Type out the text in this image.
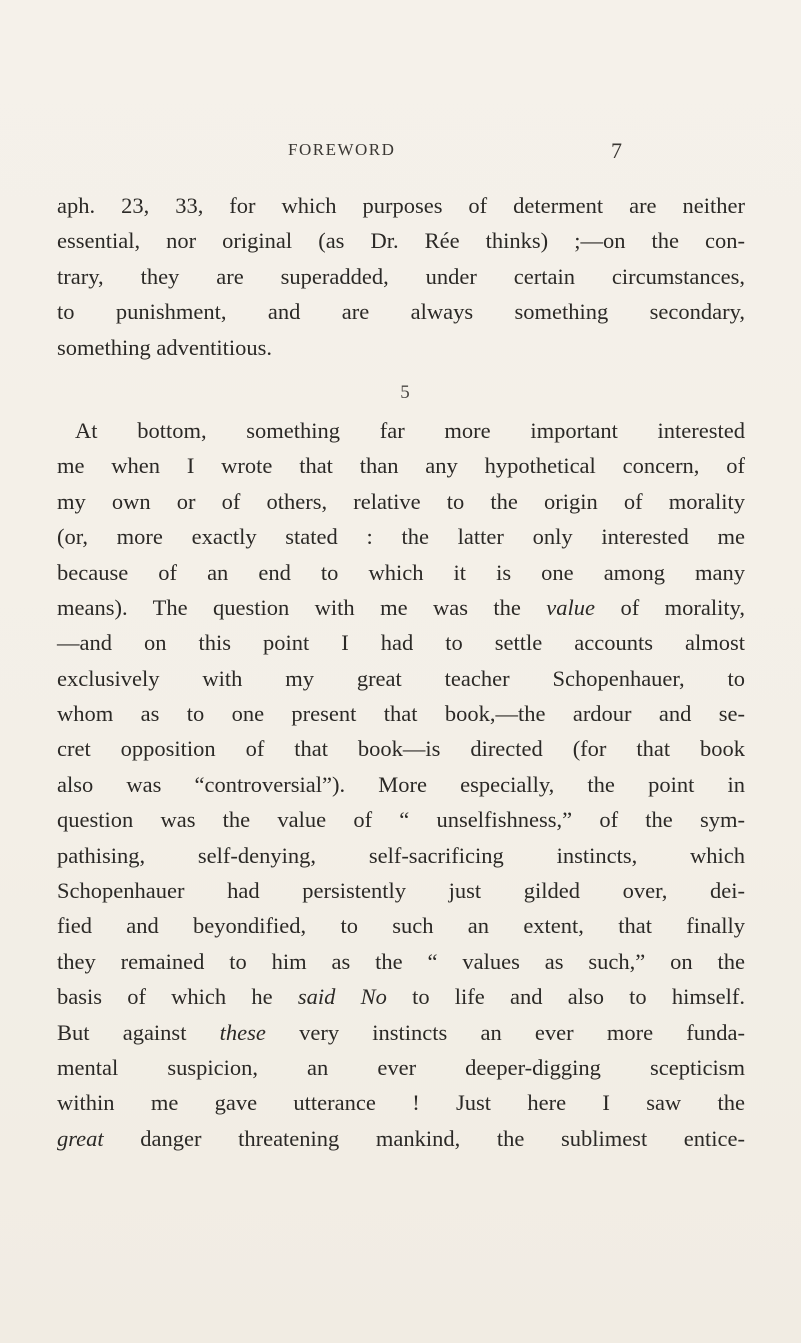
FOREWORD	7
aph. 23, 33, for which purposes of determent are neither
essential, nor original (as Dr. Rée thinks) ;—on the con-
trary, they are superadded, under certain circumstances,
to punishment, and are always something secondary,
something adventitious.
5
At bottom, something far more important interested
me when I wrote that than any hypothetical concern, of
my own or of others, relative to the origin of morality
(or, more exactly stated : the latter only interested me
because of an end to which it is one among many
means). The question with me was the value of morality,
—and on this point I had to settle accounts almost
exclusively with my great teacher Schopenhauer, to
whom as to one present that book,—the ardour and se-
cret opposition of that book—is directed (for that book
also was “controversial”). More especially, the point in
question was the value of “ unselfishness,” of the sym-
pathising, self-denying, self-sacrificing instincts, which
Schopenhauer had persistently just gilded over, dei-
fied and beyondified, to such an extent, that finally
they remained to him as the “ values as such,” on the
basis of which he said No to life and also to himself.
But against these very instincts an ever more funda-
mental suspicion, an ever deeper-digging scepticism
within me gave utterance ! Just here I saw the
great danger threatening mankind, the sublimest entice-
